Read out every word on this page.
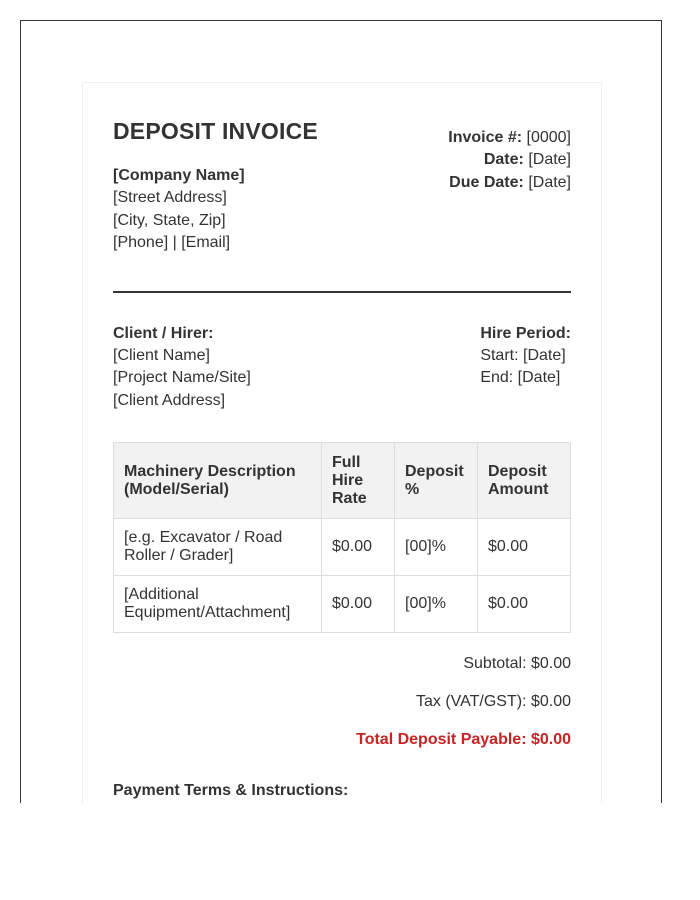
DEPOSIT INVOICE
[Company Name]
[Street Address]
[City, State, Zip]
[Phone] | [Email]
Invoice #: [0000]
Date: [Date]
Due Date: [Date]
Client / Hirer:
[Client Name]
[Project Name/Site]
[Client Address]
Hire Period:
Start: [Date]
End: [Date]
Machinery Description (Model/Serial)	Full Hire Rate	Deposit %	Deposit Amount
[e.g. Excavator / Road Roller / Grader]	$0.00	[00]%	$0.00
[Additional Equipment/Attachment]	$0.00	[00]%	$0.00
Subtotal: $0.00
Tax (VAT/GST): $0.00
Total Deposit Payable: $0.00
Payment Terms & Instructions:
